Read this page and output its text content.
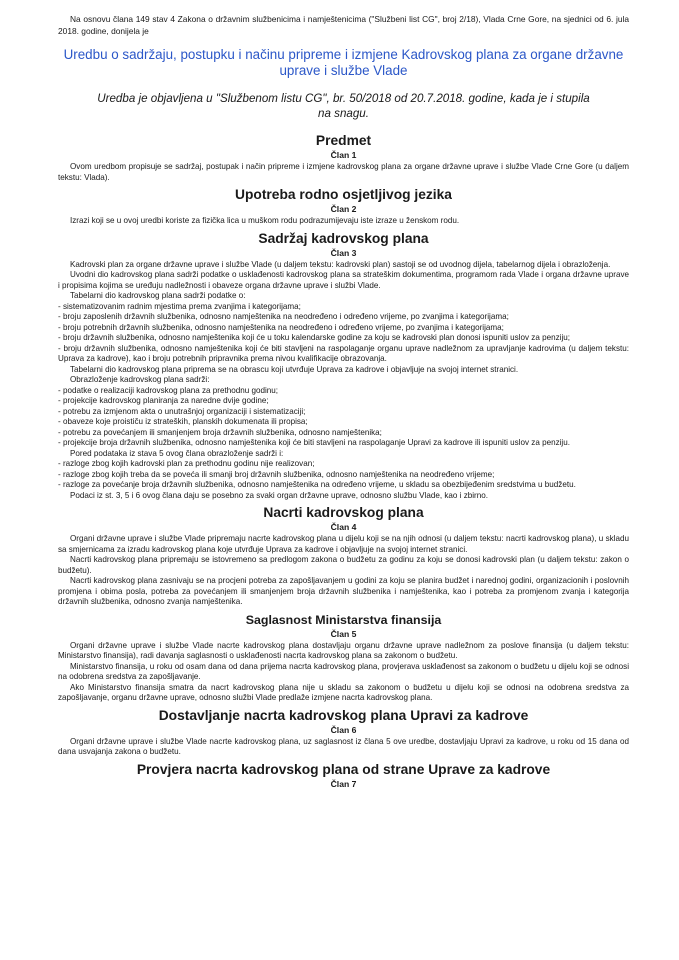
Na osnovu člana 149 stav 4 Zakona o državnim službenicima i namještenicima ("Službeni list CG", broj 2/18), Vlada Crne Gore, na sjednici od 6. jula 2018. godine, donijela je

Uredbu o sadržaju, postupku i načinu pripreme i izmjene Kadrovskog plana za organe državne uprave i službe Vlade
Uredba je objavljena u "Službenom listu CG", br. 50/2018 od 20.7.2018. godine, kada je i stupila na snagu.
Predmet
Član 1

Ovom uredbom propisuje se sadržaj, postupak i način pripreme i izmjene kadrovskog plana za organe državne uprave i službe Vlade Crne Gore (u daljem tekstu: Vlada).

Upotreba rodno osjetljivog jezika
Član 2

Izrazi koji se u ovoj uredbi koriste za fizička lica u muškom rodu podrazumijevaju iste izraze u ženskom rodu.

Sadržaj kadrovskog plana
Član 3

Kadrovski plan za organe državne uprave i službe Vlade (u daljem tekstu: kadrovski plan) sastoji se od uvodnog dijela, tabelarnog dijela i obrazloženja.

Uvodni dio kadrovskog plana sadrži podatke o usklađenosti kadrovskog plana sa strateškim dokumentima, programom rada Vlade i organa državne uprave i propisima kojima se uređuju nadležnosti i obaveze organa državne uprave i službi Vlade.

Tabelarni dio kadrovskog plana sadrži podatke o:

- sistematizovanim radnim mjestima prema zvanjima i kategorijama;

- broju zaposlenih državnih službenika, odnosno namještenika na neodređeno i određeno vrijeme, po zvanjima i kategorijama;

- broju potrebnih državnih službenika, odnosno namještenika na neodređeno i određeno vrijeme, po zvanjima i kategorijama;

- broju državnih službenika, odnosno namještenika koji će u toku kalendarske godine za koju se kadrovski plan donosi ispuniti uslov za penziju;

- broju državnih službenika, odnosno namještenika koji će biti stavljeni na raspolaganje organu uprave nadležnom za upravljanje kadrovima (u daljem tekstu: Uprava za kadrove), kao i broju potrebnih pripravnika prema nivou kvalifikacije obrazovanja.

Tabelarni dio kadrovskog plana priprema se na obrascu koji utvrđuje Uprava za kadrove i objavljuje na svojoj internet stranici.

Obrazloženje kadrovskog plana sadrži:

- podatke o realizaciji kadrovskog plana za prethodnu godinu;

- projekcije kadrovskog planiranja za naredne dvije godine;

- potrebu za izmjenom akta o unutrašnjoj organizaciji i sistematizaciji;

- obaveze koje proističu iz strateških, planskih dokumenata ili propisa;

- potrebu za povećanjem ili smanjenjem broja državnih službenika, odnosno namještenika;

- projekcije broja državnih službenika, odnosno namještenika koji će biti stavljeni na raspolaganje Upravi za kadrove ili ispuniti uslov za penziju.

Pored podataka iz stava 5 ovog člana obrazloženje sadrži i:

- razloge zbog kojih kadrovski plan za prethodnu godinu nije realizovan;

- razloge zbog kojih treba da se poveća ili smanji broj državnih službenika, odnosno namještenika na neodređeno vrijeme;

- razloge za povećanje broja državnih službenika, odnosno namještenika na određeno vrijeme, u skladu sa obezbijeđenim sredstvima u budžetu.

Podaci iz st. 3, 5 i 6 ovog člana daju se posebno za svaki organ državne uprave, odnosno službu Vlade, kao i zbirno.

Nacrti kadrovskog plana
Član 4

Organi državne uprave i službe Vlade pripremaju nacrte kadrovskog plana u dijelu koji se na njih odnosi (u daljem tekstu: nacrti kadrovskog plana), u skladu sa smjernicama za izradu kadrovskog plana koje utvrđuje Uprava za kadrove i objavljuje na svojoj internet stranici.

Nacrti kadrovskog plana pripremaju se istovremeno sa predlogom zakona o budžetu za godinu za koju se donosi kadrovski plan (u daljem tekstu: zakon o budžetu).

Nacrti kadrovskog plana zasnivaju se na procjeni potreba za zapošljavanjem u godini za koju se planira budžet i narednoj godini, organizacionih i poslovnih promjena i obima posla, potreba za povećanjem ili smanjenjem broja državnih službenika i namještenika, kao i potreba za promjenom zvanja i kategorija državnih službenika, odnosno zvanja namještenika.

Saglasnost Ministarstva finansija
Član 5

Organi državne uprave i službe Vlade nacrte kadrovskog plana dostavljaju organu državne uprave nadležnom za poslove finansija (u daljem tekstu: Ministarstvo finansija), radi davanja saglasnosti o usklađenosti nacrta kadrovskog plana sa zakonom o budžetu.

Ministarstvo finansija, u roku od osam dana od dana prijema nacrta kadrovskog plana, provjerava usklađenost sa zakonom o budžetu u dijelu koji se odnosi na odobrena sredstva za zapošljavanje.

Ako Ministarstvo finansija smatra da nacrt kadrovskog plana nije u skladu sa zakonom o budžetu u dijelu koji se odnosi na odobrena sredstva za zapošljavanje, organu državne uprave, odnosno službi Vlade predlaže izmjene nacrta kadrovskog plana.

Dostavljanje nacrta kadrovskog plana Upravi za kadrove
Član 6

Organi državne uprave i službe Vlade nacrte kadrovskog plana, uz saglasnost iz člana 5 ove uredbe, dostavljaju Upravi za kadrove, u roku od 15 dana od dana usvajanja zakona o budžetu.

Provjera nacrta kadrovskog plana od strane Uprave za kadrove
Član 7
